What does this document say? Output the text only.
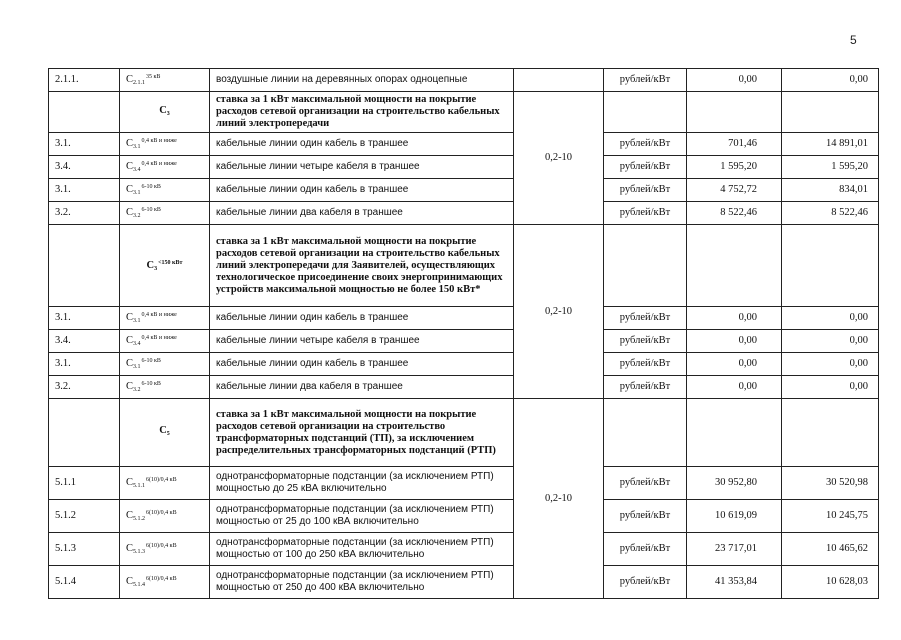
5
2.1.1.	$С_{2.1.1}^{35 кВ}$	воздушные линии на деревянных опорах одноцепные		рублей/кВт	0,00	0,00
	$С_3$	ставка за 1 кВт максимальной мощности на покрытие расходов сетевой организации на строительство кабельных линий электропередачи	0,2-10			
3.1.	$С_{3.1}^{0,4 кВ и ниже}$	кабельные линии один кабель в траншее		рублей/кВт	701,46	14 891,01
3.4.	$С_{3.4}^{0,4 кВ и ниже}$	кабельные линии четыре кабеля в траншее		рублей/кВт	1 595,20	1 595,20
3.1.	$С_{3.1}^{6-10 кВ}$	кабельные линии один кабель в траншее		рублей/кВт	4 752,72	834,01
3.2.	$С_{3.2}^{6-10 кВ}$	кабельные линии два кабеля в траншее		рублей/кВт	8 522,46	8 522,46
	$С_3^{<150 кВт}$	ставка за 1 кВт максимальной мощности на покрытие расходов сетевой организации на строительство кабельных линий электропередачи для Заявителей, осуществляющих технологическое присоединение своих энергопринимающих устройств максимальной мощностью не более 150 кВт*	0,2-10			
3.1.	$С_{3.1}^{0,4 кВ и ниже}$	кабельные линии один кабель в траншее		рублей/кВт	0,00	0,00
3.4.	$С_{3.4}^{0,4 кВ и ниже}$	кабельные линии четыре кабеля в траншее		рублей/кВт	0,00	0,00
3.1.	$С_{3.1}^{6-10 кВ}$	кабельные линии один кабель в траншее		рублей/кВт	0,00	0,00
3.2.	$С_{3.2}^{6-10 кВ}$	кабельные линии два кабеля в траншее		рублей/кВт	0,00	0,00
	$С_5$	ставка за 1 кВт максимальной мощности на покрытие расходов сетевой организации на строительство трансформаторных подстанций (ТП), за исключением распределительных трансформаторных подстанций (РТП)	0,2-10			
5.1.1	$С_{5.1.1}^{6(10)/0,4 кВ}$	однотрансформаторные подстанции (за исключением РТП) мощностью до 25 кВА включительно		рублей/кВт	30 952,80	30 520,98
5.1.2	$С_{5.1.2}^{6(10)/0,4 кВ}$	однотрансформаторные подстанции (за исключением РТП) мощностью от 25 до 100 кВА включительно		рублей/кВт	10 619,09	10 245,75
5.1.3	$С_{5.1.3}^{6(10)/0,4 кВ}$	однотрансформаторные подстанции (за исключением РТП) мощностью от 100 до 250 кВА включительно		рублей/кВт	23 717,01	10 465,62
5.1.4	$С_{5.1.4}^{6(10)/0,4 кВ}$	однотрансформаторные подстанции (за исключением РТП) мощностью от 250 до 400 кВА включительно		рублей/кВт	41 353,84	10 628,03
